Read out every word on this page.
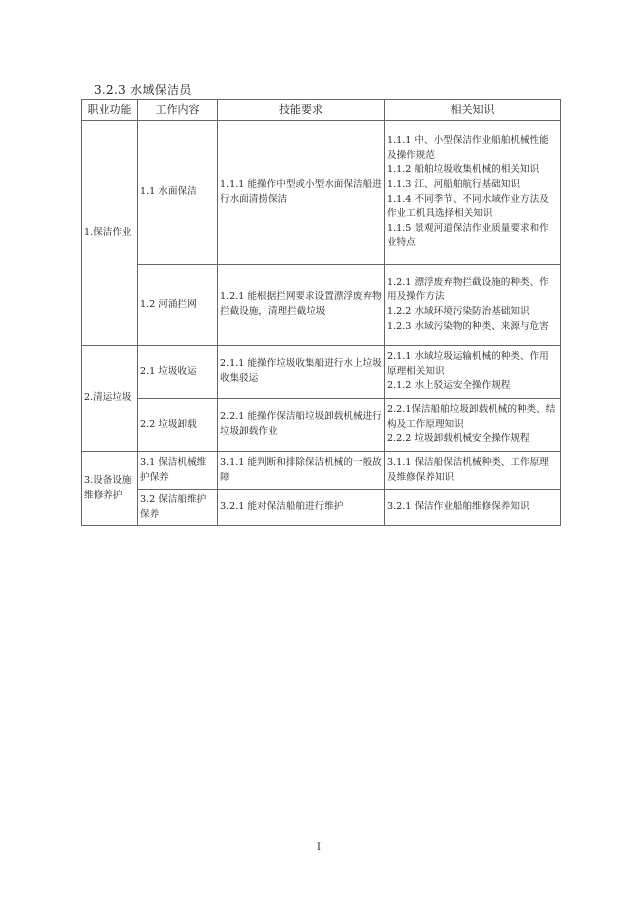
3.2.3 水域保洁员
职业功能	工作内容	技能要求	相关知识
1.保洁作业	1.1 水面保洁	1.1.1 能操作中型或小型水面保洁船进行水面清捞保洁	1.1.1 中、小型保洁作业船舶机械性能及操作规范
1.1.2 船舶垃圾收集机械的相关知识
1.1.3 江、河船舶航行基础知识
1.1.4 不同季节、不同水域作业方法及作业工机具选择相关知识
1.1.5 景观河道保洁作业质量要求和作业特点

	1.2 河涌拦网	1.2.1 能根据拦网要求设置漂浮废弃物拦截设施，清理拦截垃圾	1.2.1 漂浮废弃物拦截设施的种类、作用及操作方法
1.2.2 水域环境污染防治基础知识
1.2.3 水域污染物的种类、来源与危害

2.清运垃圾	2.1 垃圾收运	2.1.1 能操作垃圾收集船进行水上垃圾收集驳运	2.1.1 水域垃圾运输机械的种类、作用原理相关知识
2.1.2 水上驳运安全操作规程

	2.2 垃圾卸载	2.2.1 能操作保洁船垃圾卸载机械进行垃圾卸载作业	2.2.1保洁船舶垃圾卸载机械的种类、结构及工作原理知识
2.2.2 垃圾卸载机械安全操作规程

3.设备设施维修养护	3.1 保洁机械维护保养	3.1.1 能判断和排除保洁机械的一般故障	3.1.1 保洁船保洁机械种类、工作原理及维修保养知识

	3.2 保洁船维护保养	3.2.1 能对保洁船舶进行维护	3.2.1 保洁作业船舶维修保养知识
I
